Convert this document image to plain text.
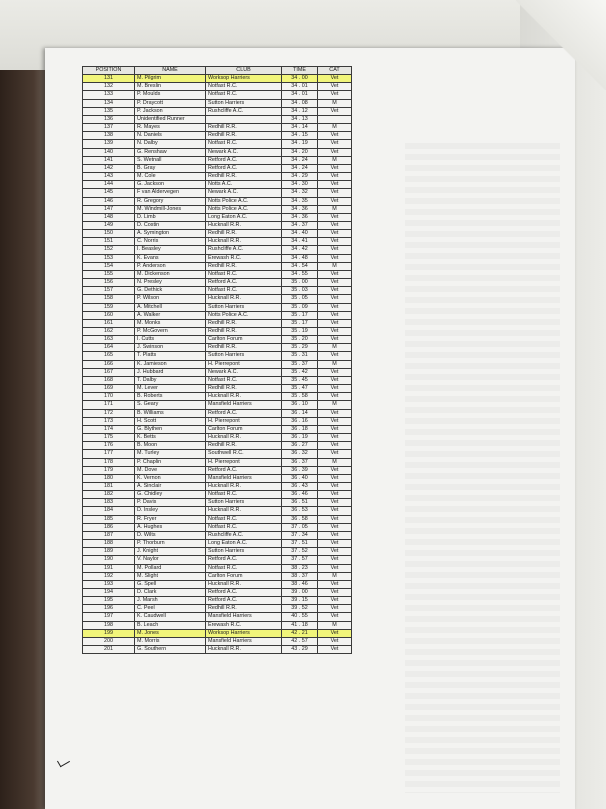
POSITION	NAME	CLUB	TIME	CAT
131	M. Pilgrim	Worksop Harriers	34 . 00	Vet
132	M. Breslin	Notfast R.C.	34 . 01	Vet
133	P. Moulds	Notfast R.C.	34 . 01	Vet
134	P. Draycott	Sutton Harriers	34 . 08	M
135	P. Jackson	Rushcliffe A.C.	34 . 12	Vet
136	Unidentified Runner		34 . 13	
137	R. Mayes	Redhill R.R.	34 . 14	M
138	N. Daniels	Redhill R.R.	34 . 15	Vet
139	N. Dalby	Notfast R.C.	34 . 19	Vet
140	G. Renshaw	Newark A.C.	34 . 20	Vet
141	S. Wetnall	Retford A.C.	34 . 24	M
142	B. Gray	Retford A.C.	34 . 24	Vet
143	M. Cole	Redhill R.R.	34 . 29	Vet
144	G. Jackson	Notts A.C.	34 . 30	Vet
145	F van Aldervegen	Newark A.C.	34 . 32	Vet
146	R. Gregory	Notts Police A.C.	34 . 35	Vet
147	M. Windmill-Jones	Notts Police A.C.	34 . 36	M
148	D. Limb	Long Eaton A.C.	34 . 36	Vet
149	D. Costin	Hucknall R.R.	34 . 37	Vet
150	A. Symington	Redhill R.R.	34 . 40	Vet
151	C. Norris	Hucknall R.R.	34 . 41	Vet
152	I. Beasley	Rushcliffe A.C.	34 . 42	Vet
153	K. Evans	Erewash R.C.	34 . 48	Vet
154	P. Anderson	Redhill R.R.	34 . 54	M
155	M. Dickenson	Notfast R.C.	34 . 55	Vet
156	N. Presley	Retford A.C.	35 . 00	Vet
157	G. Dethick	Notfast R.C.	35 . 03	Vet
158	P. Wilson	Hucknall R.R.	35 . 05	Vet
159	A. Mitchell	Sutton Harriers	35 . 09	Vet
160	A. Walker	Notts Police A.C.	35 . 17	Vet
161	M. Monks	Redhill R.R.	35 . 17	Vet
162	P. McGovern	Redhill R.R.	35 . 19	Vet
163	I. Cutts	Carlton Forum	35 . 20	Vet
164	J. Swinson	Redhill R.R.	35 . 29	M
165	T. Platts	Sutton Harriers	35 . 31	Vet
166	K. Jamieson	H. Pierrepont	35 . 37	M
167	J. Hubbard	Newark A.C.	35 . 42	Vet
168	T. Dalby	Notfast R.C.	35 . 45	Vet
169	M. Lever	Redhill R.R.	35 . 47	Vet
170	B. Roberts	Hucknall R.R.	35 . 58	Vet
171	S. Geary	Mansfield Harriers	36 . 10	M
172	B. Williams	Retford A.C.	36 . 14	Vet
173	H. Scott	H. Pierrepont	36 . 16	Vet
174	G. Blythen	Carlton Forum	36 . 18	Vet
175	K. Betts	Hucknall R.R.	36 . 19	Vet
176	B. Moon	Redhill R.R.	36 . 27	Vet
177	M. Turley	Southwell R.C.	36 . 32	Vet
178	P. Chaplin	H. Pierrepont	36 . 37	M
179	M. Dove	Retford A.C.	36 . 39	Vet
180	K. Vernon	Mansfield Harriers	36 . 40	Vet
181	A. Sinclair	Hucknall R.R.	36 . 43	Vet
182	G. Chidley	Notfast R.C.	36 . 46	Vet
183	P. Davis	Sutton Harriers	36 . 51	Vet
184	D. Insley	Hucknall R.R.	36 . 53	Vet
185	R. Fryer	Notfast R.C.	36 . 58	Vet
186	A. Hughes	Notfast R.C.	37 . 05	Vet
187	D. Wilts	Rushcliffe A.C.	37 . 34	Vet
188	P. Thorburn	Long Eaton A.C.	37 . 51	Vet
189	J. Knight	Sutton Harriers	37 . 52	Vet
190	V. Naylor	Retford A.C.	37 . 57	Vet
191	M. Pollard	Notfast R.C.	38 . 23	Vet
192	M. Slight	Carlton Forum	38 . 37	M
193	G. Spell	Hucknall R.R.	38 . 46	Vet
194	D. Clark	Retford A.C.	39 . 00	Vet
195	J. Marsh	Retford A.C.	39 . 15	Vet
196	C. Peel	Redhill R.R.	39 . 52	Vet
197	K. Caudwell	Mansfield Harriers	40 . 55	Vet
198	B. Leach	Erewash R.C.	41 . 18	M
199	M. Jones	Worksop Harriers	42 . 21	Vet
200	M. Morris	Mansfield Harriers	42 . 57	Vet
201	G. Southern	Hucknall R.R.	43 . 29	Vet
